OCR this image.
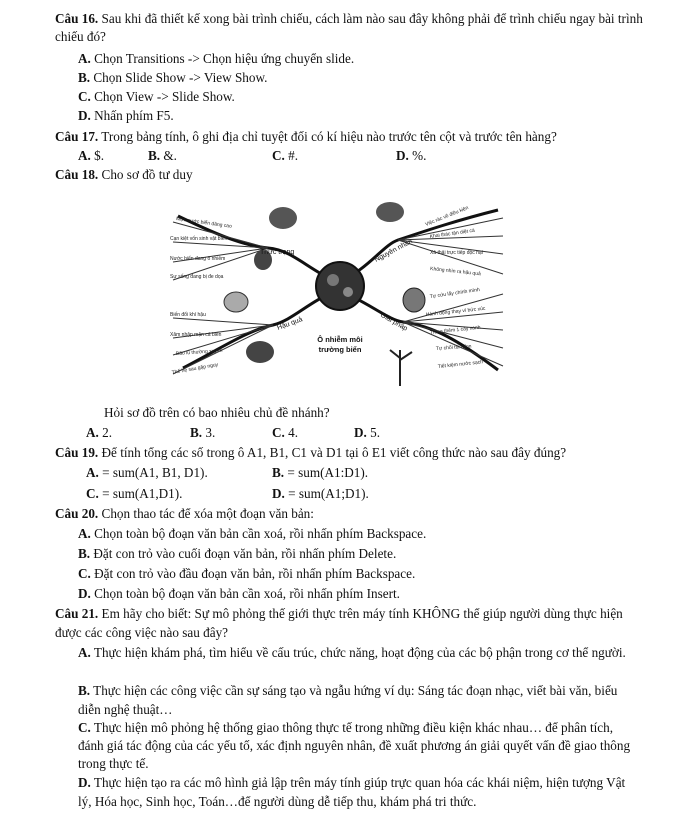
Câu 16. Sau khi đã thiết kế xong bài trình chiếu, cách làm nào sau đây không phải để trình chiếu ngay bài trình chiếu đó?
A. Chọn Transitions -> Chọn hiệu ứng chuyển slide.
B. Chọn Slide Show -> View Show.
C. Chọn View -> Slide Show.
D. Nhấn phím F5.
Câu 17. Trong bảng tính, ô ghi địa chỉ tuyệt đối có kí hiệu nào trước tên cột và trước tên hàng?
A. $.	B. &.	C. #.	D. %.
Câu 18. Cho sơ đồ tư duy
Ô nhiễm môi
trường biển
Thực trạng	Nguyên nhân
Hậu quả	Giải pháp
Mực nước biển dâng cao
Cạn kiệt vốn sinh vật biển
Nước biển đang ô nhiễm
Sự sống đang bị đe dọa
Biến đổi khí hậu
Xâm nhập mặn cả biển
Bão lũ thường xuyên
Thế hệ sau gặp nguy
Việc rác vô điều kiện
Khai thác tận diệt cá
Xả thải trực tiếp độc hại
Không nhìn ra hậu quả
Tự cứu lấy chính mình
Hành động thay vì bức xúc
Trồng thêm 1 cây xanh
Tự chối túi nilon
Tiết kiệm nước sạch
Hỏi sơ đồ trên có bao nhiêu chủ đề nhánh?
A. 2.	B. 3.	C. 4.	D. 5.
Câu 19. Để tính tổng các số trong ô A1, B1, C1 và D1 tại ô E1 viết công thức nào sau đây đúng?
A. = sum(A1, B1, D1).	B. = sum(A1:D1).
C. = sum(A1,D1).	D. = sum(A1;D1).
Câu 20. Chọn thao tác để xóa một đoạn văn bản:
A. Chọn toàn bộ đoạn văn bản cần xoá, rồi nhấn phím Backspace.
B. Đặt con trỏ vào cuối đoạn văn bản, rồi nhấn phím Delete.
C. Đặt con trỏ vào đầu đoạn văn bản, rồi nhấn phím Backspace.
D. Chọn toàn bộ đoạn văn bản cần xoá, rồi nhấn phím Insert.
Câu 21. Em hãy cho biết: Sự mô phỏng thế giới thực trên máy tính KHÔNG thể giúp người dùng thực hiện được các công việc nào sau đây?
A. Thực hiện khám phá, tìm hiểu về cấu trúc, chức năng, hoạt động của các bộ phận trong cơ thể người.
B. Thực hiện các công việc cần sự sáng tạo và ngẫu hứng ví dụ: Sáng tác đoạn nhạc, viết bài văn, biểu diễn nghệ thuật…
C. Thực hiện mô phỏng hệ thống giao thông thực tế trong những điều kiện khác nhau… để phân tích, đánh giá tác động của các yếu tố, xác định nguyên nhân, đề xuất phương án giải quyết vấn đề giao thông trong thực tế.
D. Thực hiện tạo ra các mô hình giả lập trên máy tính giúp trực quan hóa các khái niệm, hiện tượng Vật lý, Hóa học, Sinh học, Toán…để người dùng dễ tiếp thu, khám phá tri thức.
